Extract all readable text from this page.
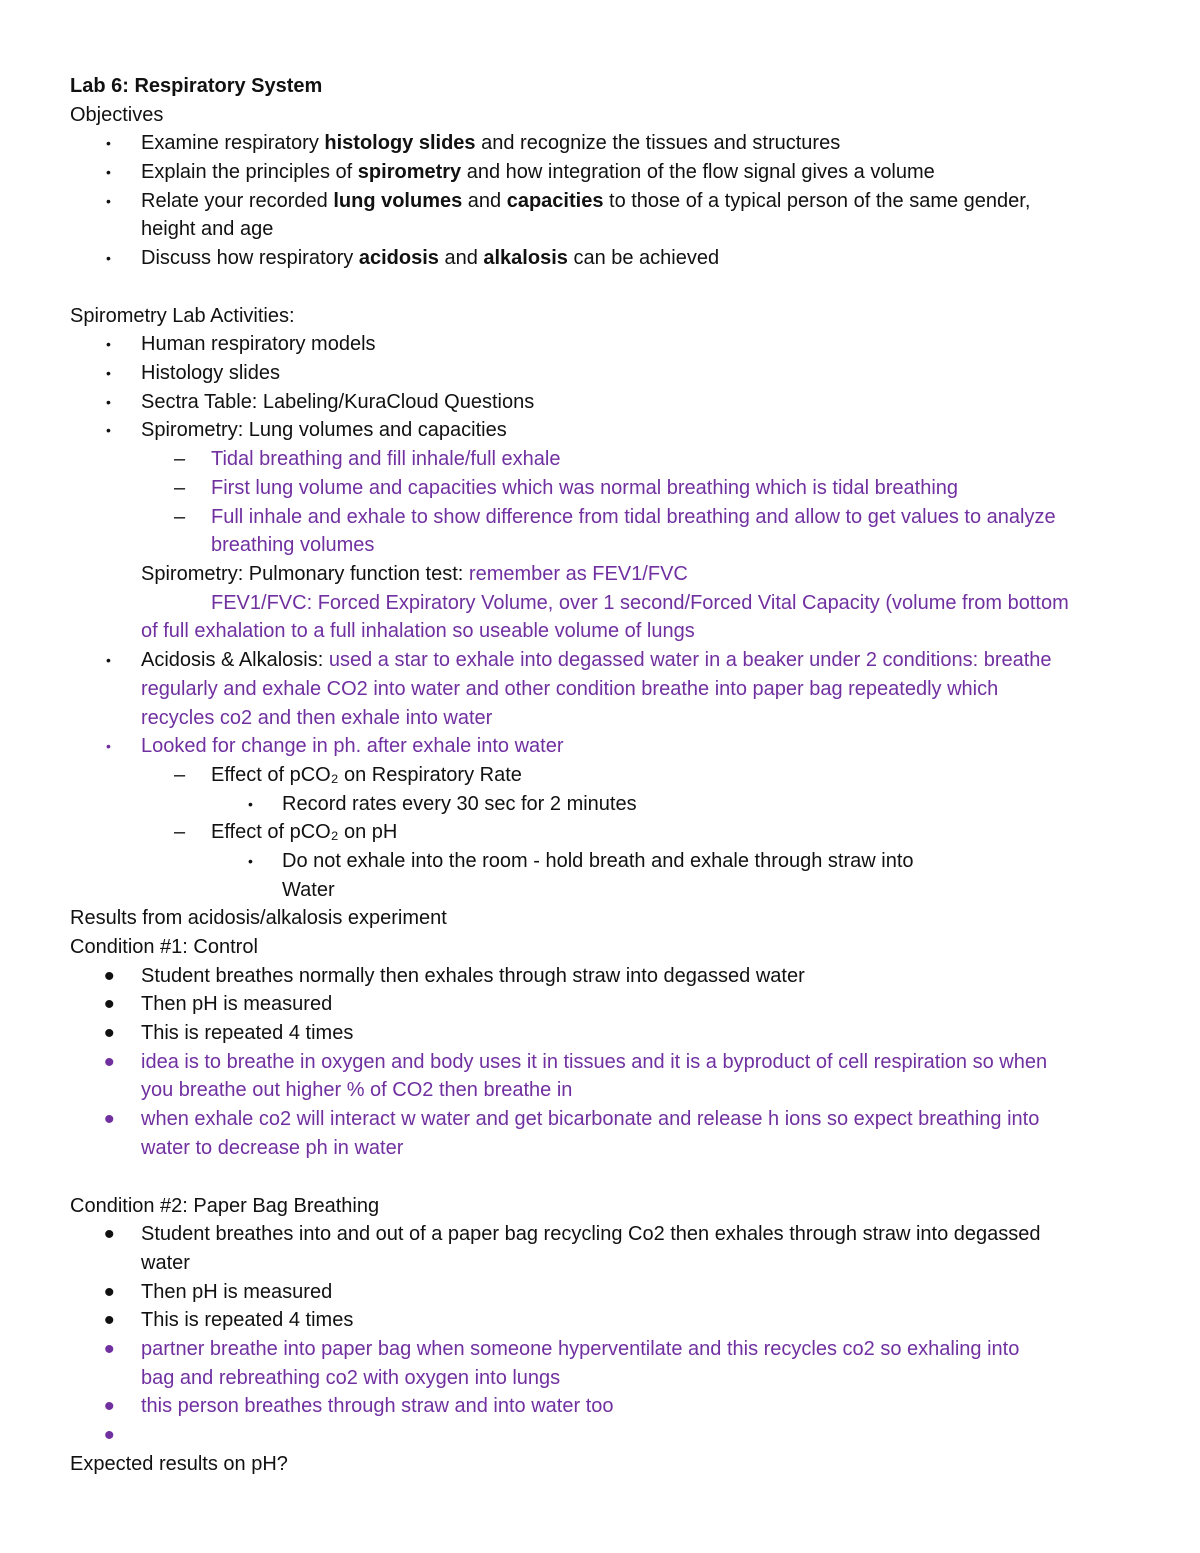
Lab 6: Respiratory System
Objectives
• Examine respiratory histology slides and recognize the tissues and structures
• Explain the principles of spirometry and how integration of the flow signal gives a volume
• Relate your recorded lung volumes and capacities to those of a typical person of the same gender,
height and age
• Discuss how respiratory acidosis and alkalosis can be achieved
Spirometry Lab Activities:
• Human respiratory models
• Histology slides
• Sectra Table: Labeling/KuraCloud Questions
• Spirometry: Lung volumes and capacities
– Tidal breathing and fill inhale/full exhale
– First lung volume and capacities which was normal breathing which is tidal breathing
– Full inhale and exhale to show difference from tidal breathing and allow to get values to analyze
breathing volumes
Spirometry: Pulmonary function test: remember as FEV1/FVC
FEV1/FVC: Forced Expiratory Volume, over 1 second/Forced Vital Capacity (volume from bottom
of full exhalation to a full inhalation so useable volume of lungs
• Acidosis & Alkalosis: used a star to exhale into degassed water in a beaker under 2 conditions: breathe
regularly and exhale CO2 into water and other condition breathe into paper bag repeatedly which
recycles co2 and then exhale into water
• Looked for change in ph. after exhale into water
– Effect of pCO₂ on Respiratory Rate
• Record rates every 30 sec for 2 minutes
– Effect of pCO₂ on pH
• Do not exhale into the room - hold breath and exhale through straw into
Water
Results from acidosis/alkalosis experiment
Condition #1: Control
• Student breathes normally then exhales through straw into degassed water
• Then pH is measured
• This is repeated 4 times
• idea is to breathe in oxygen and body uses it in tissues and it is a byproduct of cell respiration so when
you breathe out higher % of CO2 then breathe in
• when exhale co2 will interact w water and get bicarbonate and release h ions so expect breathing into
water to decrease ph in water
Condition #2: Paper Bag Breathing
• Student breathes into and out of a paper bag recycling Co2 then exhales through straw into degassed
water
• Then pH is measured
• This is repeated 4 times
• partner breathe into paper bag when someone hyperventilate and this recycles co2 so exhaling into
bag and rebreathing co2 with oxygen into lungs
• this person breathes through straw and into water too
•
Expected results on pH?
